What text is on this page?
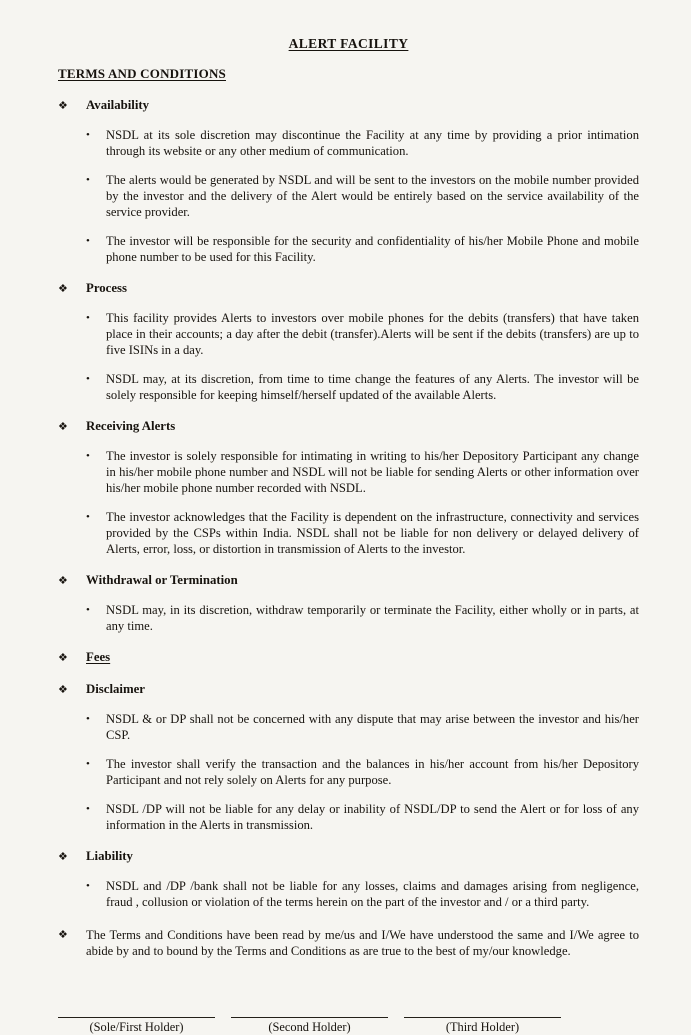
ALERT FACILITY
TERMS AND CONDITIONS
❖	Availability
•	NSDL at its sole discretion may discontinue the Facility at any time by providing a prior intimation through its website or any other medium of communication.

•	The alerts would be generated by NSDL and will be sent to the investors on the mobile number provided by the investor and the delivery of the Alert would be entirely based on the service availability of the service provider.

•	The investor will be responsible for the security and confidentiality of his/her Mobile Phone and mobile phone number to be used for this Facility.

❖	Process
•	This facility provides Alerts to investors over mobile phones for the debits (transfers) that have taken place in their accounts; a day after the debit (transfer).Alerts will be sent if the debits (transfers) are up to five ISINs in a day.

•	NSDL may, at its discretion, from time to time change the features of any Alerts. The investor will be solely responsible for keeping himself/herself updated of the available Alerts.

❖	Receiving Alerts
•	The investor is solely responsible for intimating in writing to his/her Depository Participant any change in his/her mobile phone number and NSDL will not be liable for sending Alerts or other information over his/her mobile phone number recorded with NSDL.

•	The investor acknowledges that the Facility is dependent on the infrastructure, connectivity and services provided by the CSPs within India. NSDL shall not be liable for non delivery or delayed delivery of Alerts, error, loss, or distortion in transmission of Alerts to the investor.

❖	Withdrawal or Termination
•	NSDL may, in its discretion, withdraw temporarily or terminate the Facility, either wholly or in parts, at any time.

❖	Fees
❖	Disclaimer
•	NSDL & or DP shall not be concerned with any dispute that may arise between the investor and his/her CSP.

•	The investor shall verify the transaction and the balances in his/her account from his/her Depository Participant and not rely solely on Alerts for any purpose.

•	NSDL /DP will not be liable for any delay or inability of NSDL/DP to send the Alert or for loss of any information in the Alerts in transmission.

❖	Liability
•	NSDL and /DP /bank shall not be liable for any losses, claims and damages arising from negligence, fraud , collusion or violation of the terms herein on the part of the investor and / or a third party.

❖	The Terms and Conditions have been read by me/us and I/We have understood the same and I/We agree to abide by and to bound by the Terms and Conditions as are true to the best of my/our knowledge.

(Sole/First Holder)	(Second Holder)	(Third Holder)
